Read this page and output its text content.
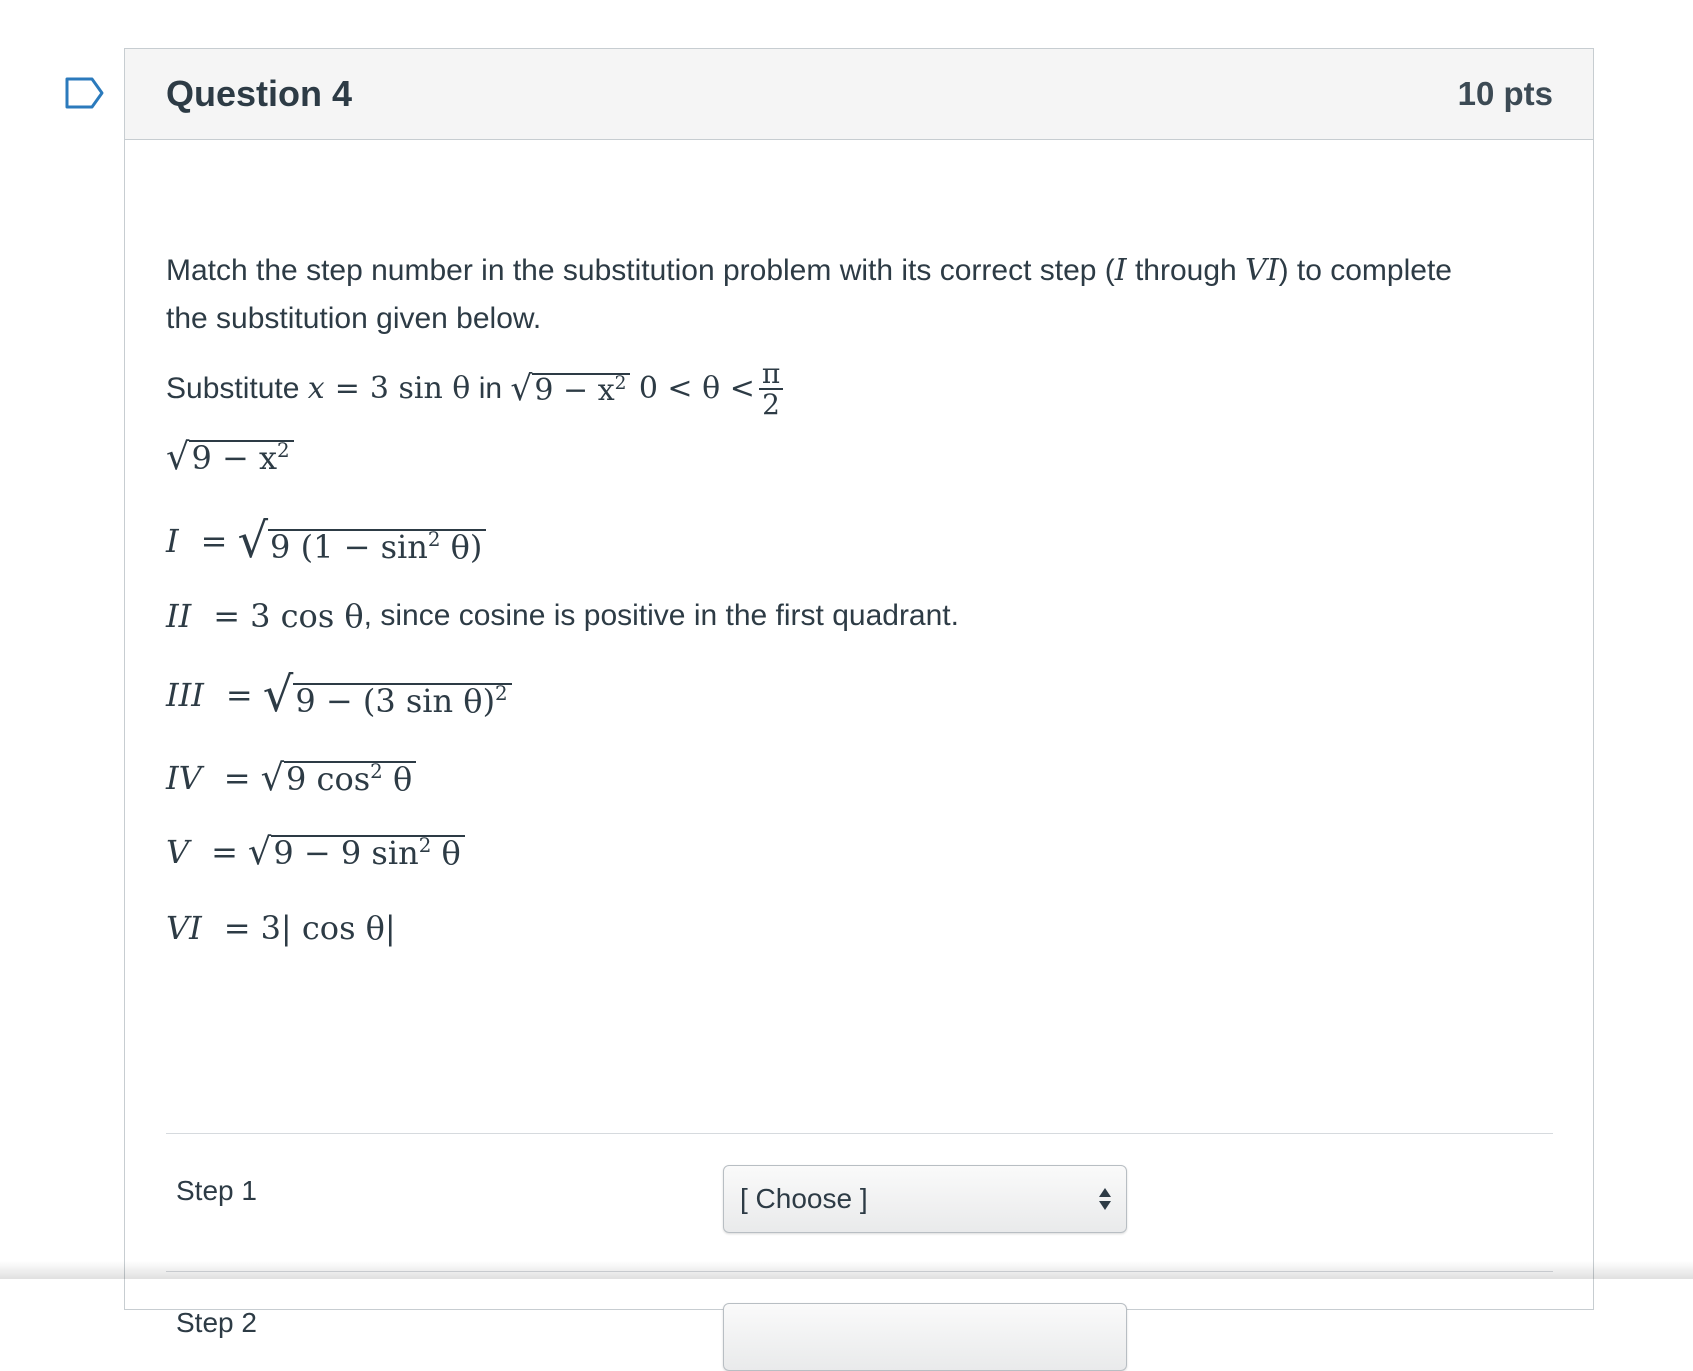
Question 4	10 pts
Match the step number in the substitution problem with its correct step (I through VI) to complete the substitution given below.
Substitute
x = 3 sin θ
in
√ $9 - x^2$
$0 < \theta < \frac{\pi}{2}$
√ $9 - x^2$
I = √ 9 $(1 - \sin^2 \theta)$
II = 3 cos θ , since cosine is positive in the first quadrant.
III = √ 9 − (3 sin θ)$^2$
IV = √ 9 $\cos^2 \theta$
V = √ 9 − 9 $\sin^2 \theta$
VI = 3| cos θ|
Step 1	[ Choose ]
Step 2
